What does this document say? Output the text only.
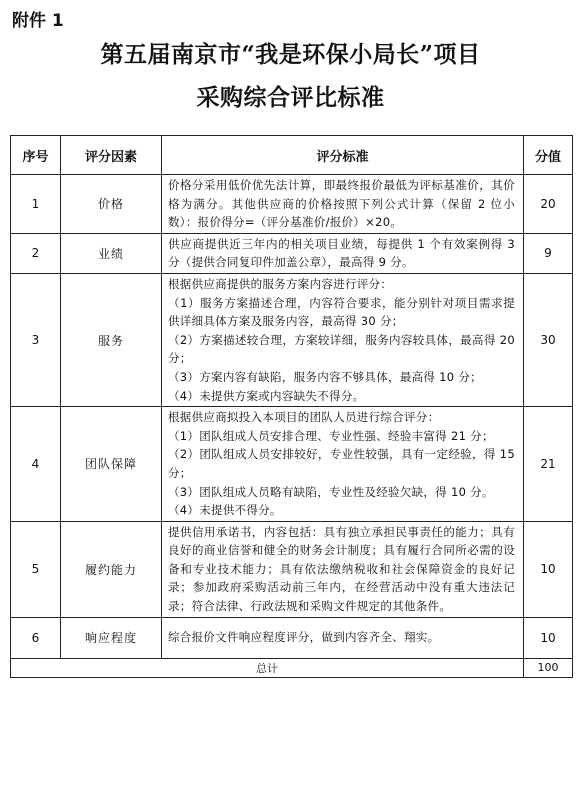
附件 1
第五届南京市“我是环保小局长”项目
采购综合评比标准
序号	评分因素	评分标准	分值
1	价格	价格分采用低价优先法计算，即最终报价最低为评标基准价，其价格为满分。其他供应商的价格按照下列公式计算（保留 2 位小数）：报价得分=（评分基准价/报价）×20。	20
2	业绩	供应商提供近三年内的相关项目业绩，每提供 1 个有效案例得 3 分（提供合同复印件加盖公章），最高得 9 分。	9
3	服务	根据供应商提供的服务方案内容进行评分：
（1）服务方案描述合理，内容符合要求，能分别针对项目需求提供详细具体方案及服务内容，最高得 30 分；
（2）方案描述较合理，方案较详细，服务内容较具体，最高得 20 分；
（3）方案内容有缺陷，服务内容不够具体，最高得 10 分；
（4）未提供方案或内容缺失不得分。	30
4	团队保障	根据供应商拟投入本项目的团队人员进行综合评分：
（1）团队组成人员安排合理、专业性强、经验丰富得 21 分；
（2）团队组成人员安排较好，专业性较强，具有一定经验，得 15 分；
（3）团队组成人员略有缺陷，专业性及经验欠缺，得 10 分。
（4）未提供不得分。	21
5	履约能力	提供信用承诺书，内容包括：具有独立承担民事责任的能力；具有良好的商业信誉和健全的财务会计制度；具有履行合同所必需的设备和专业技术能力；具有依法缴纳税收和社会保障资金的良好记录；参加政府采购活动前三年内，在经营活动中没有重大违法记录；符合法律、行政法规和采购文件规定的其他条件。	10
6	响应程度	综合报价文件响应程度评分，做到内容齐全、翔实。	10
总计			100
